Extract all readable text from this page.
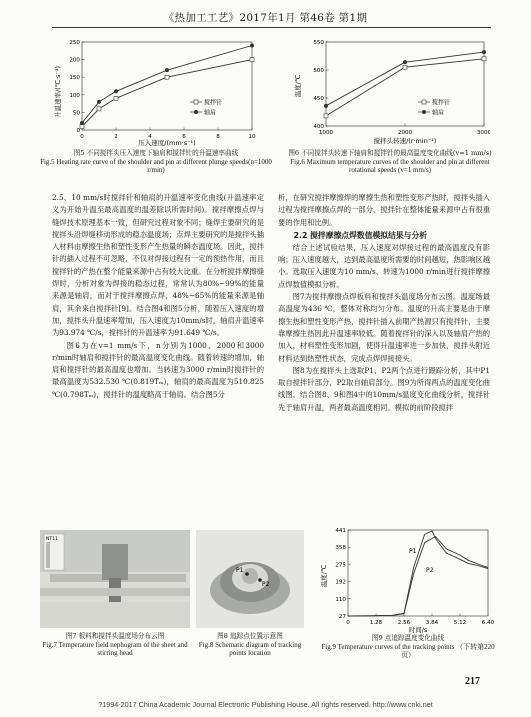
《热加工工艺》2017年1月 第46卷 第1期
升温速率/(℃·s⁻¹)
压入速度/(mm·s⁻¹)
250
200
150
100
50
0
0	2	4	6	8	10
搅拌针
轴肩
图5 不同搅拌头压入速度下轴肩和搅拌针的升温速率曲线
Fig.5 Heating rate curve of the shoulder and pin at different plunge speeds(n=1000 r/min)
温度/℃
搅拌头转速/(r·min⁻¹)
550
500
450
400
1000	2000	3000
搅拌针
轴肩
图6 不同搅拌头转速下轴肩和搅拌针的最高温度变化曲线(v=1 mm/s)
Fig.6 Maximum temperature curves of the shoulder and pin at different rotational speeds (v=1 mm/s)

2.5、10 mm/s时搅拌针和轴肩的升温速率变化曲线(升温速率定义为开始升温至最高温度的温差除以所需时间)。搅拌摩擦点焊与缝焊技术原理基本一致，但研究过程对象不同；缝焊主要研究的是搅拌头沿焊缝移动形成的稳态温度场；点焊主要研究的是搅拌头插入材料由摩擦生热和塑性变形产生热量的瞬态温度场。因此，搅拌针的插入过程不可忽略，不仅对焊接过程有一定的预热作用，而且搅拌针的产热在整个能量来源中占有较大比重。在分析搅拌摩擦缝焊时，分析对象为焊接的稳态过程，常常认为80%~99%的能量来源是轴肩，而对于搅拌摩擦点焊，48%~65%的能量来源是轴肩，其余来自搅拌针[9]。结合图4和图5分析，随着压入速度的增加，搅拌头升温速率增加，压入速度为10mm/s时，轴肩升温速率为93.974 ℃/s，搅拌针的升温速率为91.649 ℃/s。

图6为在v=1 mm/s下，n分别为1000、2000和3000 r/min时轴肩和搅拌针的最高温度变化曲线。随着转速的增加，轴肩和搅拌针的最高温度也增加。当转速为3000 r/min时搅拌针的最高温度为532.530 ℃(0.819Tₘ)，轴肩的最高温度为510.825 ℃(0.798Tₘ)，搅拌针的温度略高于轴肩。结合图5分

析，在研究搅拌摩擦焊的摩擦生热和塑性变形产热时，搅拌头插入过程为搅拌摩擦点焊的一部分，搅拌针在整体能量来源中占有很重要的作用和比例。

2.2 搅拌摩擦点焊数值模拟结果与分析

结合上述试验结果，压入速度对焊接过程的最高温度没有影响；压入速度越大，达到最高温度所需要的时间越短，热影响区越小。选取压入速度为10 mm/s、转速为1000 r/min进行搅拌摩擦点焊数值模拟分析。

图7为搅拌摩擦点焊板料和搅拌头温度场分布云图。温度场最高温度为436 ℃，整体对称均匀分布。温度的升高主要是由于摩擦生热和塑性变形产热，搅拌针插入前期产热源只有搅拌针，主要靠摩擦生热因此升温速率较低。随着搅拌针的深入以及轴肩产热的加入，材料塑性变形加剧，使得升温速率进一步加快，搅拌头附近材料达到热塑性状态，完成点焊焊接接头。

图8为在搅拌头上选取P1、P2两个点进行跟踪分析，其中P1取自搅拌针部分，P2取自轴肩部分。图9为所得两点的温度变化曲线图。结合图8、9和图4中的10mm/s温度变化曲线分析，搅拌针先于轴肩升温，两者最高温度相同。模拟的前阶段搅拌

NT11
图7 板料和搅拌头温度场分布云图
Fig.7 Temperature field nephogram of the sheet and stirring head
P1
P2
图8 追踪点位置示意图
Fig.8 Schematic diagram of tracking points location
温度/℃
时间/s
441
358
275
192
110
27
0	1.28	2.56	3.84	5.12	6.40
P1
P2
图9 点追踪温度变化曲线
Fig.9 Temperature curves of the tracking points （下转第220页）
217
?1994-2017 China Academic Journal Electronic Publishing House. All rights reserved. http://www.cnki.net
